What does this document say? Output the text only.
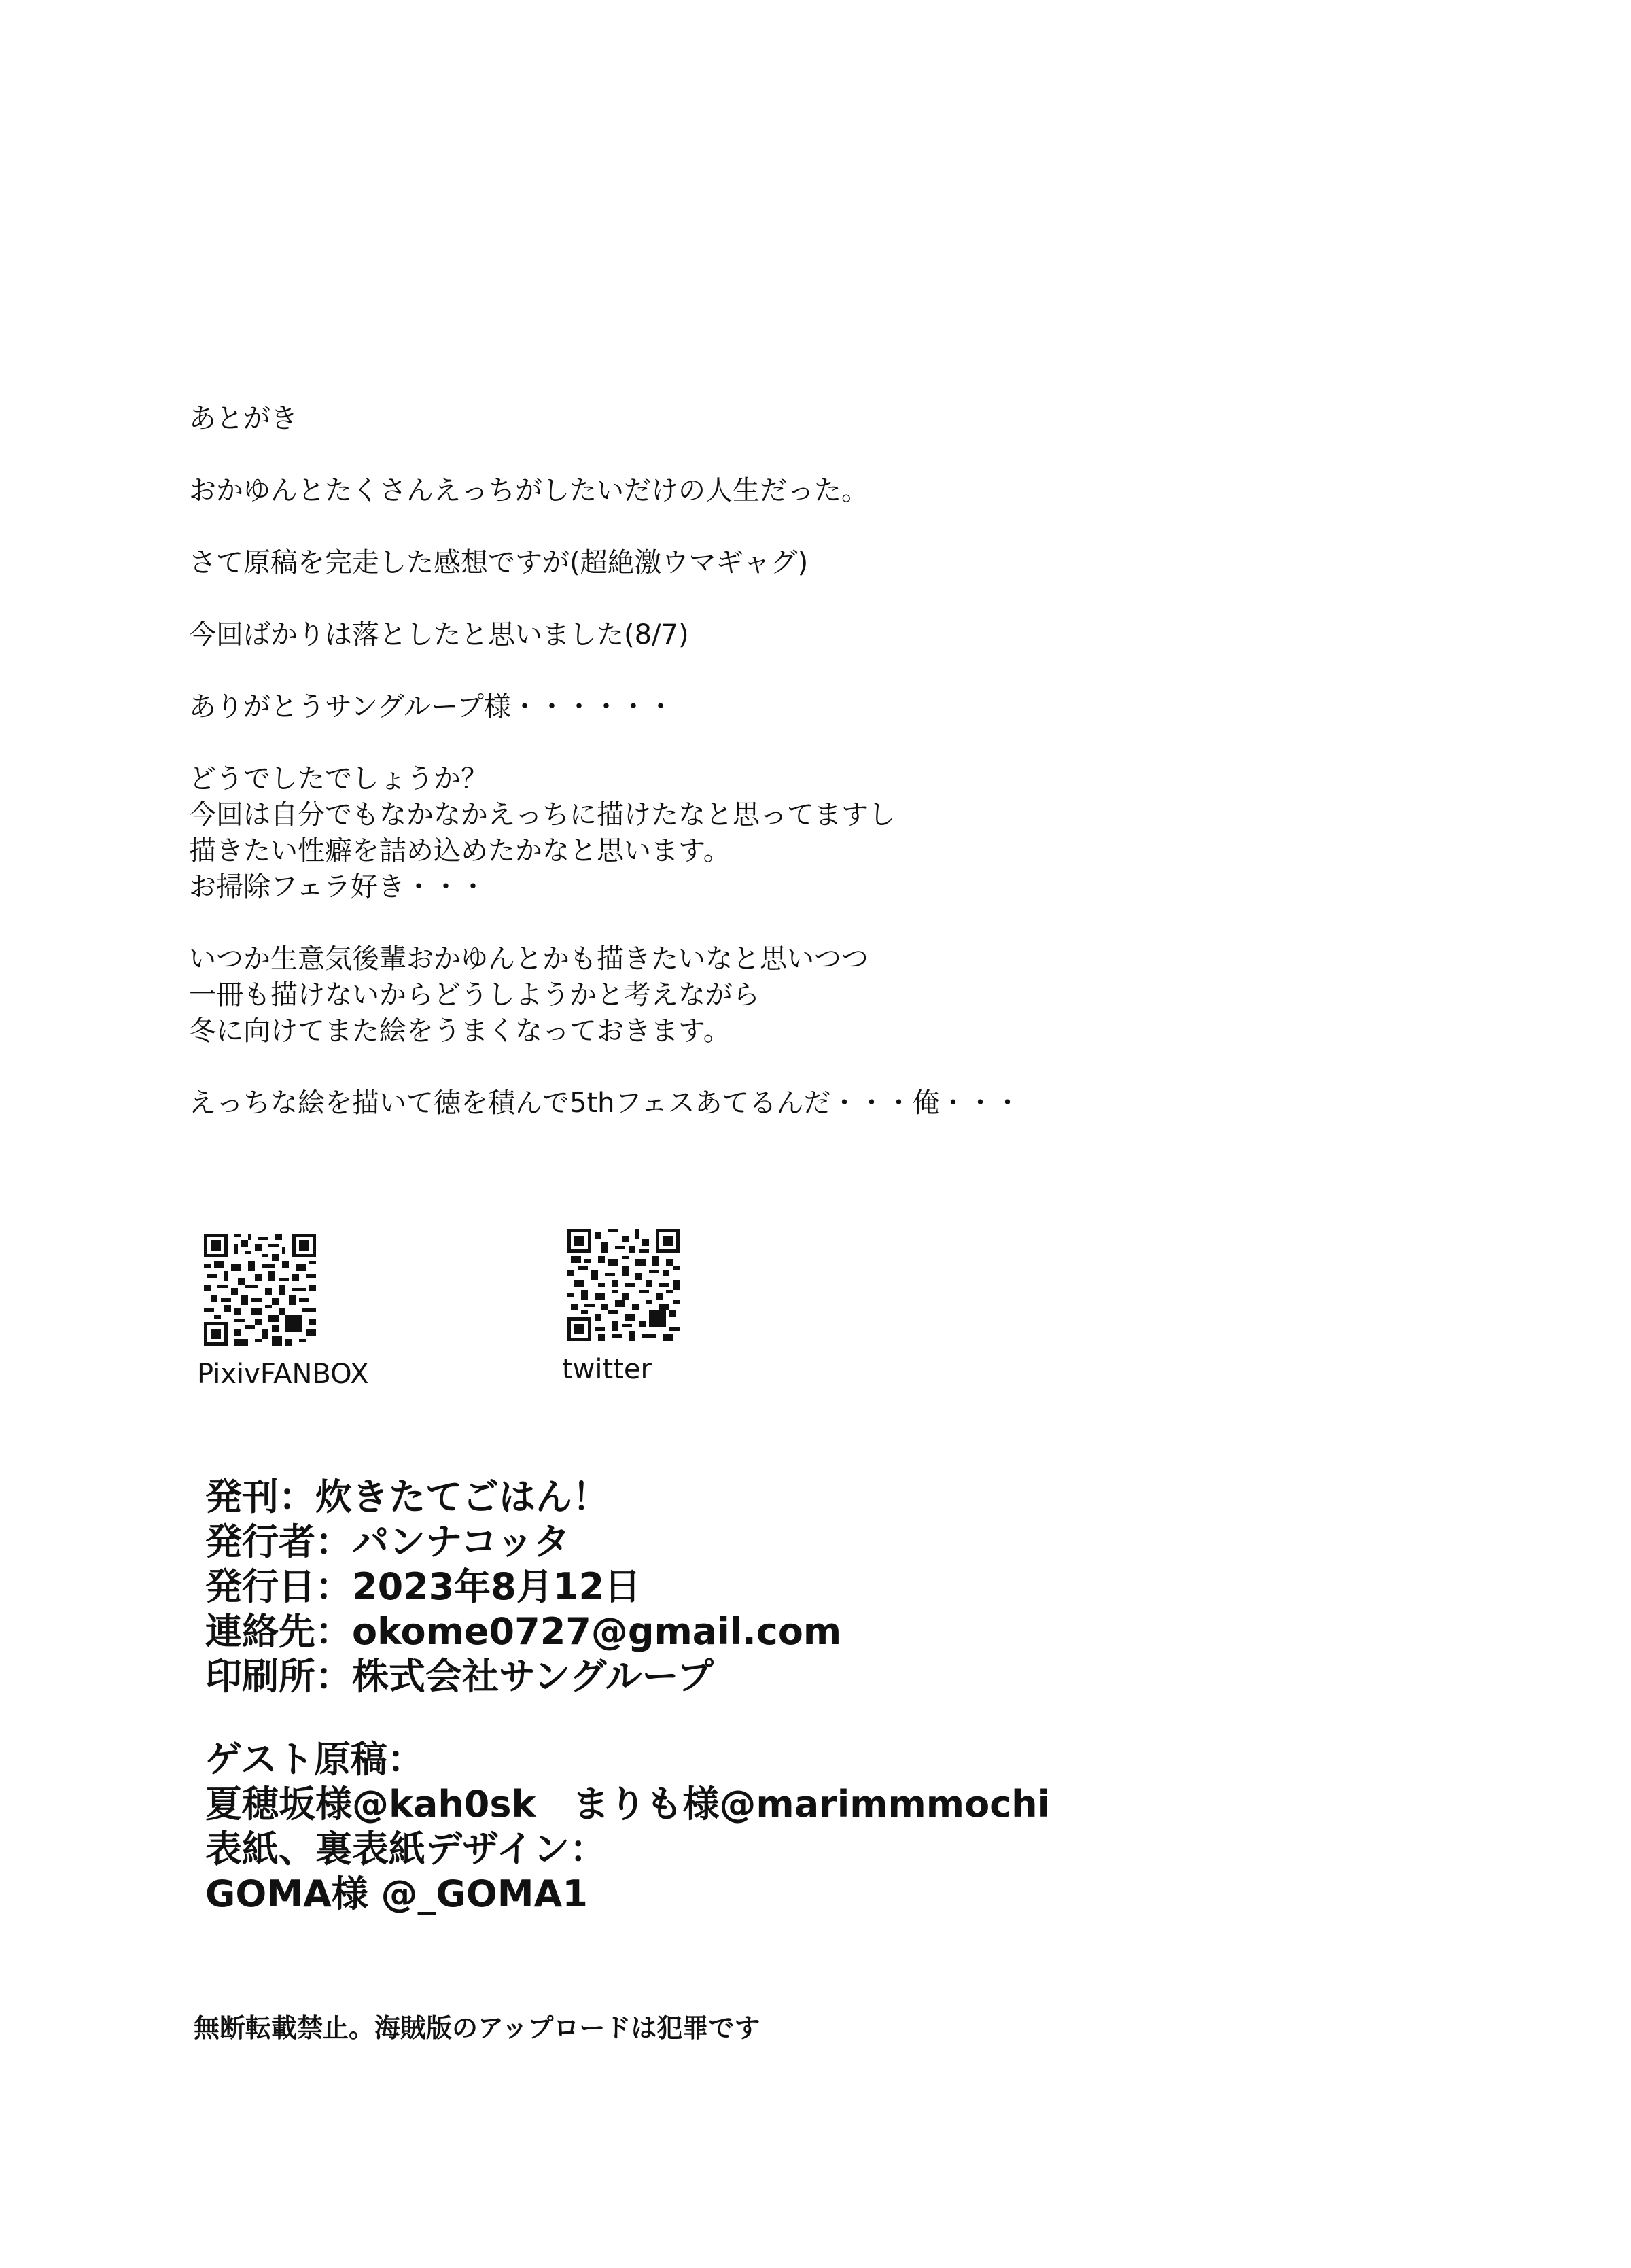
あとがき
おかゆんとたくさんえっちがしたいだけの人生だった。
さて原稿を完走した感想ですが(超絶激ウマギャグ)
今回ばかりは落としたと思いました(8/7)
ありがとうサングループ様・・・・・・
どうでしたでしょうか？
今回は自分でもなかなかえっちに描けたなと思ってますし
描きたい性癖を詰め込めたかなと思います。
お掃除フェラ好き・・・
いつか生意気後輩おかゆんとかも描きたいなと思いつつ
一冊も描けないからどうしようかと考えながら
冬に向けてまた絵をうまくなっておきます。
えっちな絵を描いて徳を積んで5thフェスあてるんだ・・・俺・・・
PixivFANBOX	twitter
発刊：炊きたてごはん！
発行者：パンナコッタ
発行日：2023年8月12日
連絡先：okome0727@gmail.com
印刷所：株式会社サングループ
ゲスト原稿：
夏穂坂様@kah0sk　まりも様@marimmmochi
表紙、裏表紙デザイン：
GOMA様 @_GOMA1
無断転載禁止。海賊版のアップロードは犯罪です
